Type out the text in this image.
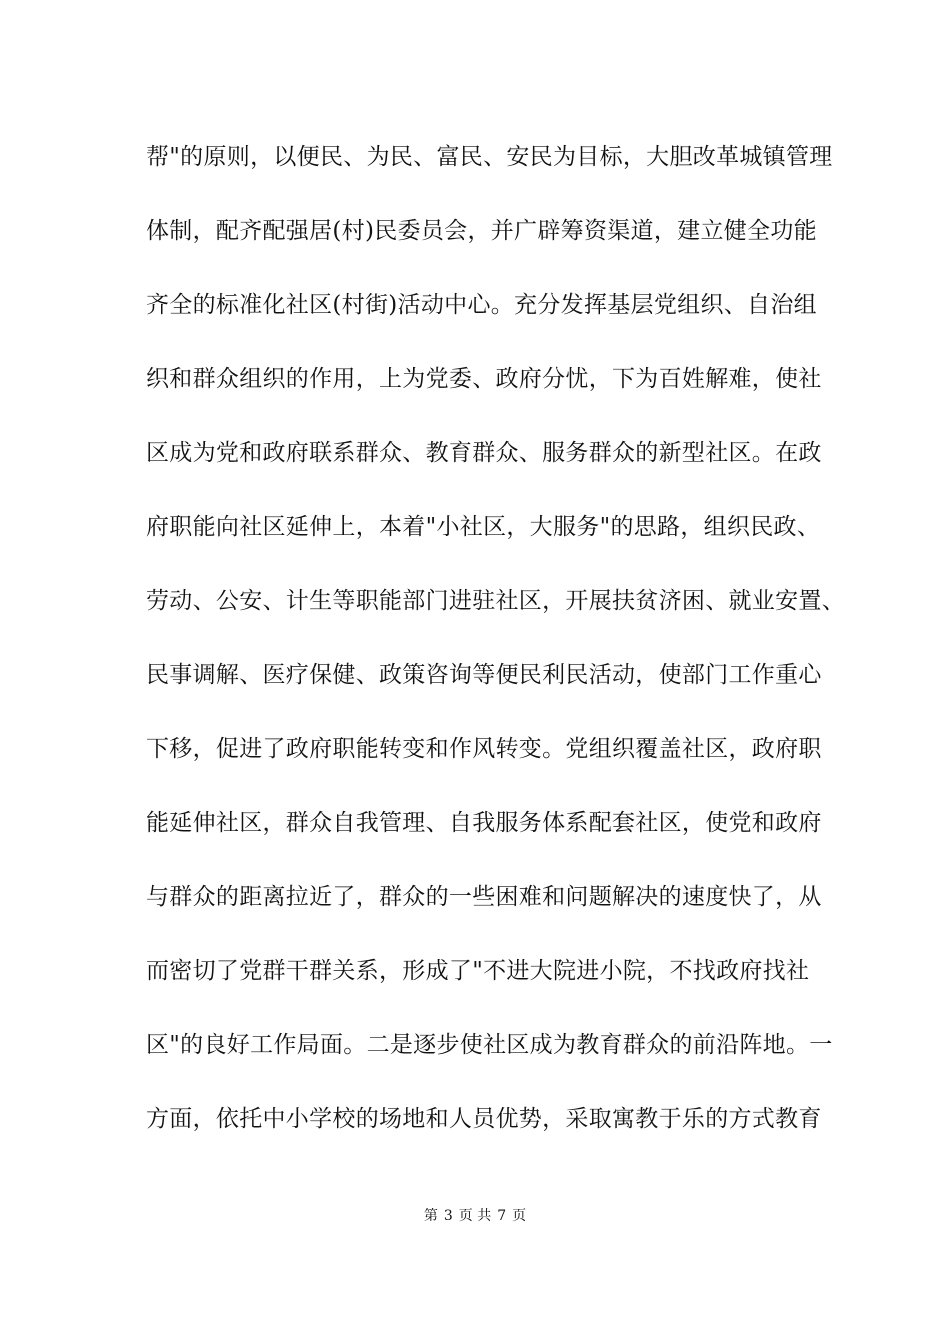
帮"的原则，以便民、为民、富民、安民为目标，大胆改革城镇管理
体制，配齐配强居(村)民委员会，并广辟筹资渠道，建立健全功能
齐全的标准化社区(村街)活动中心。充分发挥基层党组织、自治组
织和群众组织的作用，上为党委、政府分忧，下为百姓解难，使社
区成为党和政府联系群众、教育群众、服务群众的新型社区。在政
府职能向社区延伸上，本着"小社区，大服务"的思路，组织民政、
劳动、公安、计生等职能部门进驻社区，开展扶贫济困、就业安置、
民事调解、医疗保健、政策咨询等便民利民活动，使部门工作重心
下移，促进了政府职能转变和作风转变。党组织覆盖社区，政府职
能延伸社区，群众自我管理、自我服务体系配套社区，使党和政府
与群众的距离拉近了，群众的一些困难和问题解决的速度快了，从
而密切了党群干群关系，形成了"不进大院进小院，不找政府找社
区"的良好工作局面。二是逐步使社区成为教育群众的前沿阵地。一
方面，依托中小学校的场地和人员优势，采取寓教于乐的方式教育
第 3 页 共 7 页
